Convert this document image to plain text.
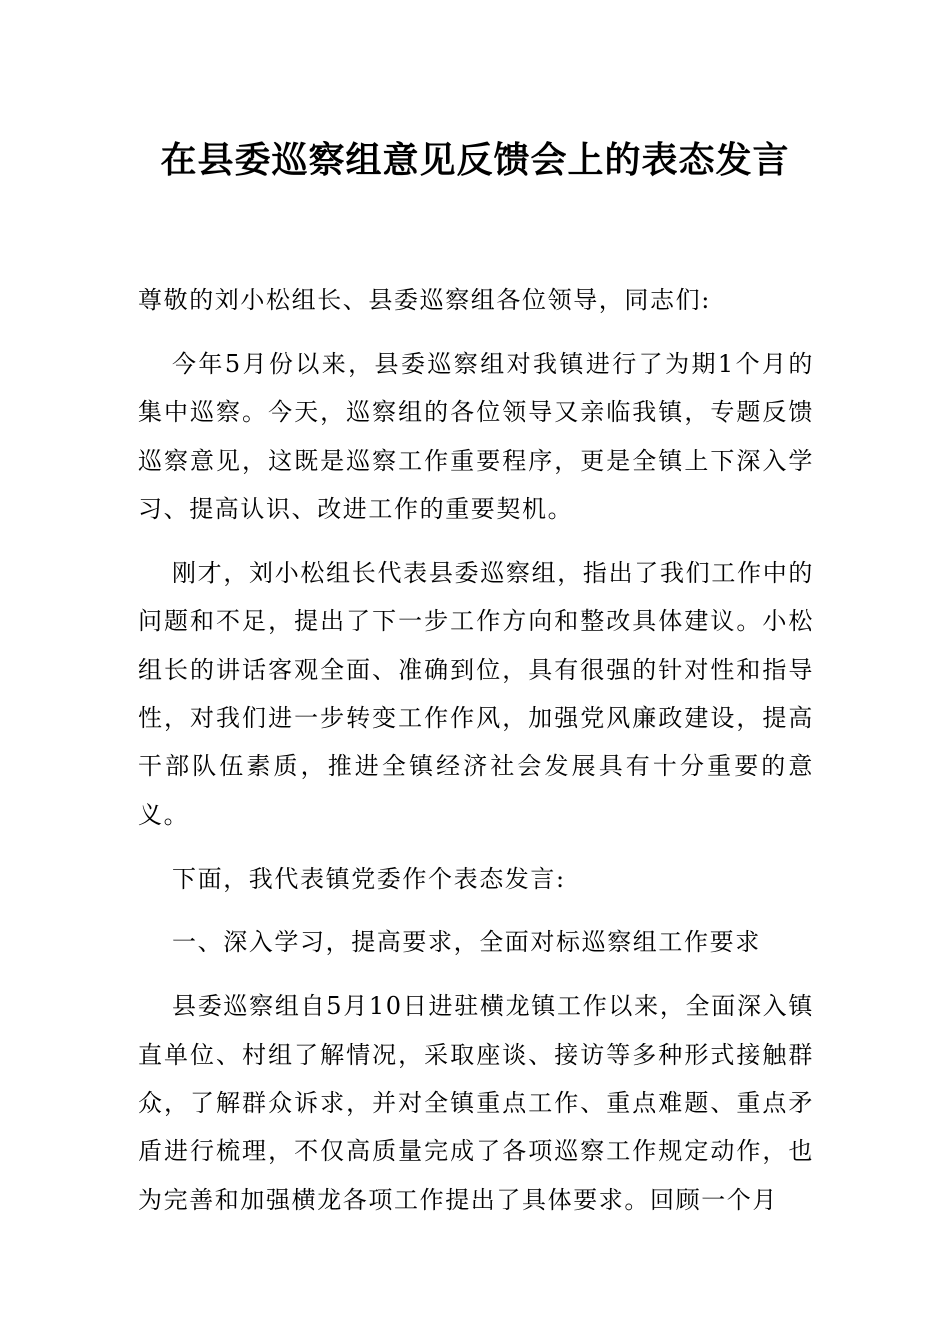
在县委巡察组意见反馈会上的表态发言

尊敬的刘小松组长、县委巡察组各位领导，同志们:

今年5月份以来，县委巡察组对我镇进行了为期1个月的集中巡察。今天，巡察组的各位领导又亲临我镇，专题反馈巡察意见，这既是巡察工作重要程序，更是全镇上下深入学习、提高认识、改进工作的重要契机。

刚才，刘小松组长代表县委巡察组，指出了我们工作中的问题和不足，提出了下一步工作方向和整改具体建议。小松组长的讲话客观全面、准确到位，具有很强的针对性和指导性，对我们进一步转变工作作风，加强党风廉政建设，提高干部队伍素质，推进全镇经济社会发展具有十分重要的意义。

下面，我代表镇党委作个表态发言:

一、深入学习，提高要求，全面对标巡察组工作要求

县委巡察组自5月10日进驻横龙镇工作以来，全面深入镇直单位、村组了解情况，采取座谈、接访等多种形式接触群众，了解群众诉求，并对全镇重点工作、重点难题、重点矛盾进行梳理，不仅高质量完成了各项巡察工作规定动作，也为完善和加强横龙各项工作提出了具体要求。回顾一个月
